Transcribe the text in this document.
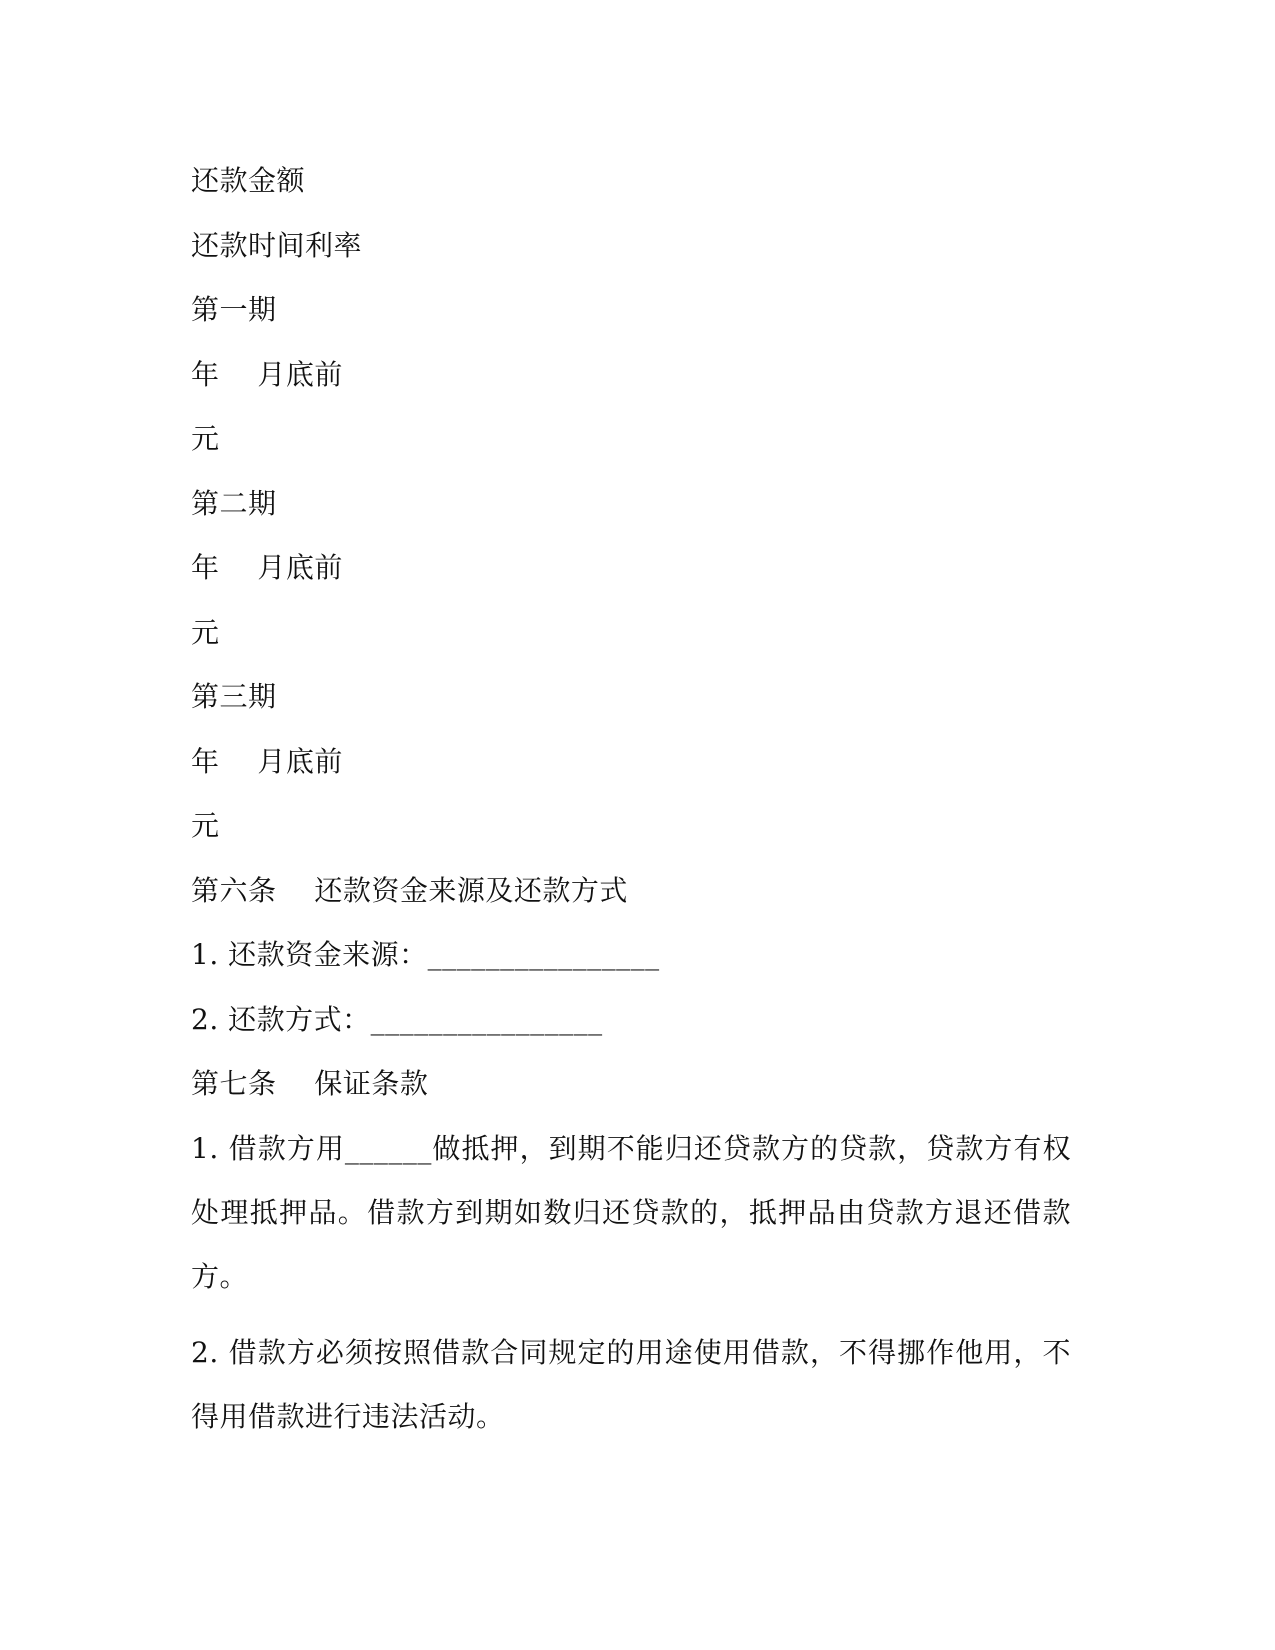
还款金额

还款时间利率

第一期

年　 月底前

元

第二期

年　 月底前

元

第三期

年　 月底前

元

第六条　 还款资金来源及还款方式

1. 还款资金来源：________________

2. 还款方式：________________

第七条　 保证条款

1. 借款方用______做抵押，到期不能归还贷款方的贷款，贷款方有权处理抵押品。借款方到期如数归还贷款的，抵押品由贷款方退还借款方。

2. 借款方必须按照借款合同规定的用途使用借款，不得挪作他用，不得用借款进行违法活动。
